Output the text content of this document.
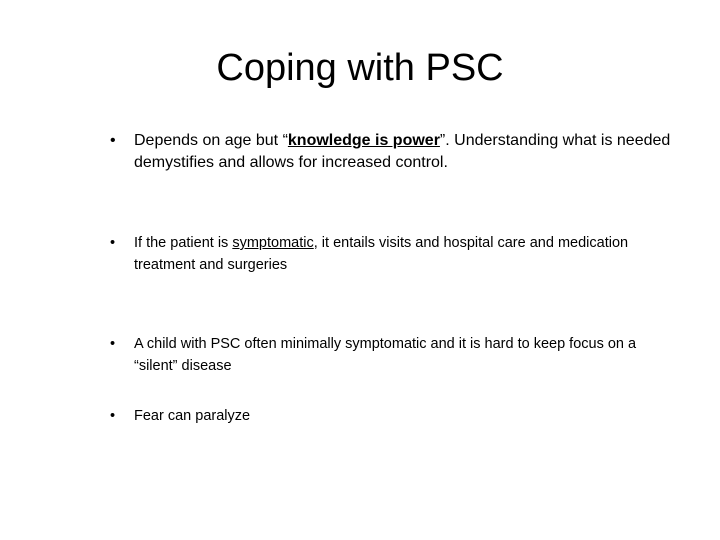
Coping with PSC
•	Depends on age but “knowledge is power”. Understanding what is needed demystifies and allows for increased control.
•	If the patient is symptomatic, it entails visits and hospital care and medication treatment and surgeries
•	A child with PSC often minimally symptomatic and it is hard to keep focus on a “silent” disease
•	Fear can paralyze
